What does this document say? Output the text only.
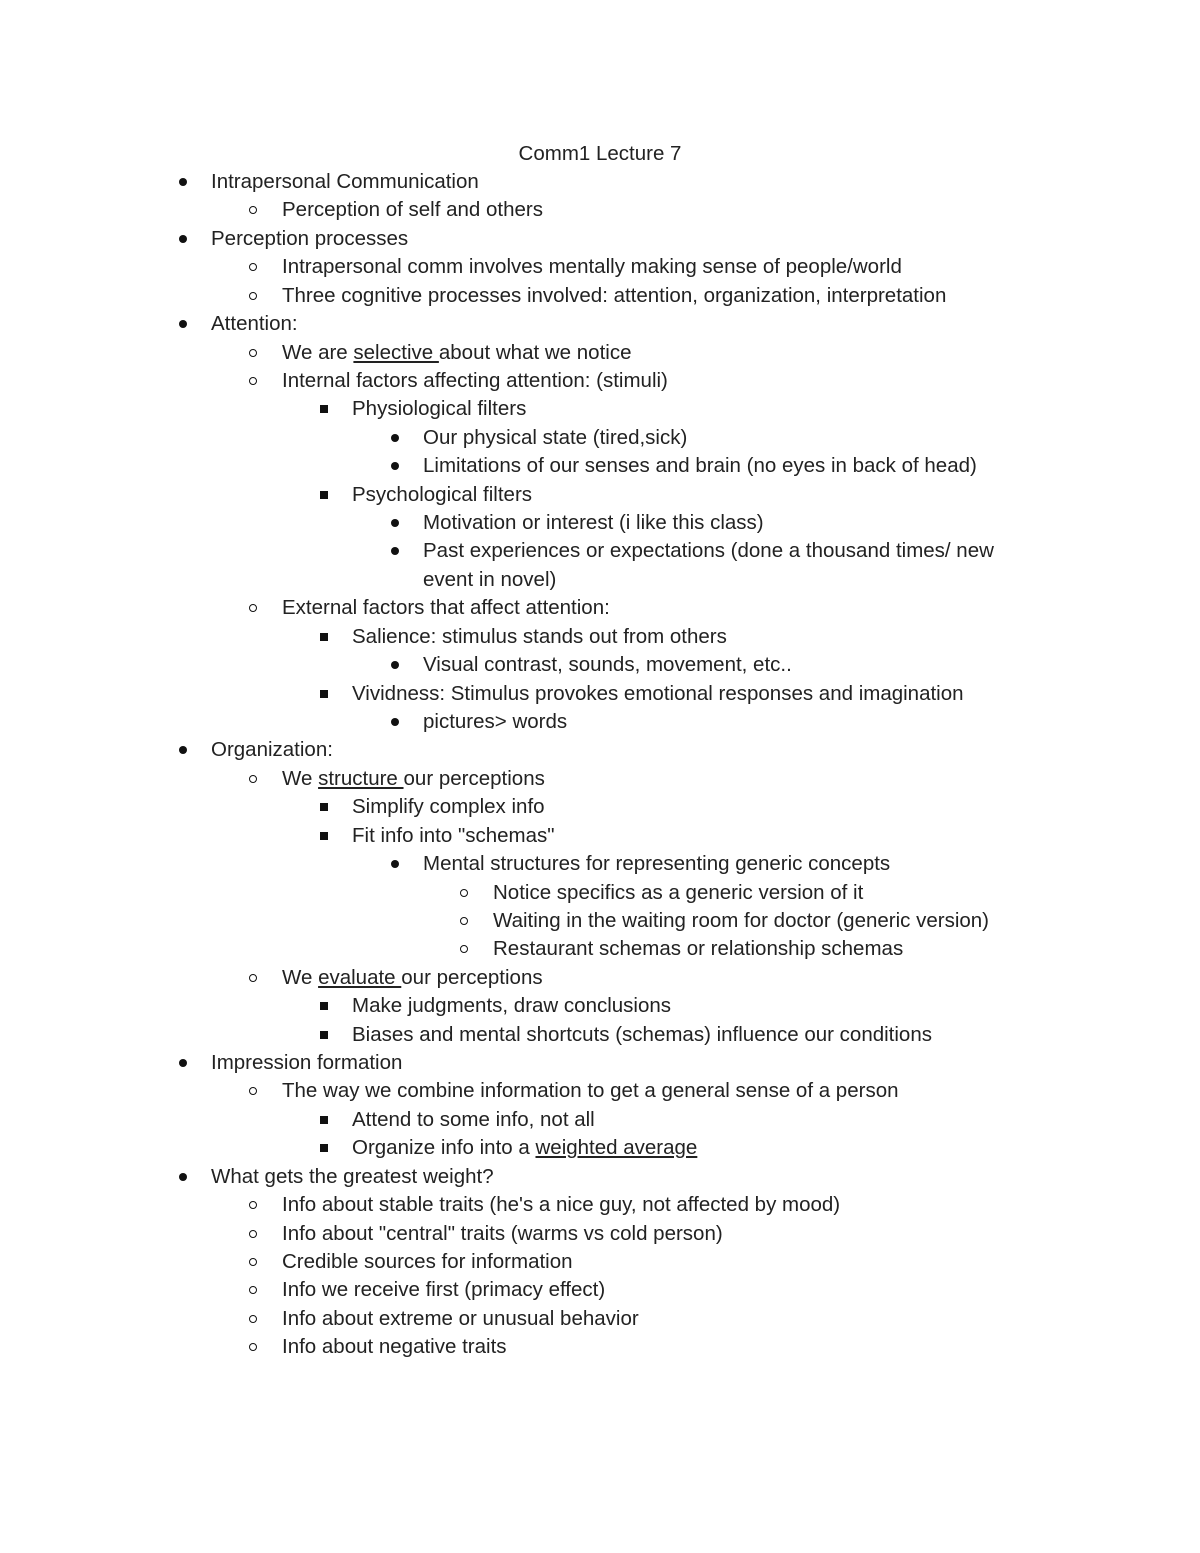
Comm1 Lecture 7
Intrapersonal Communication
Perception of self and others
Perception processes
Intrapersonal comm involves mentally making sense of people/world
Three cognitive processes involved: attention, organization, interpretation
Attention:
We are selective about what we notice
Internal factors affecting attention: (stimuli)
Physiological filters
Our physical state (tired,sick)
Limitations of our senses and brain (no eyes in back of head)
Psychological filters
Motivation or interest (i like this class)
Past experiences or expectations (done a thousand times/ new
event in novel)
External factors that affect attention:
Salience: stimulus stands out from others
Visual contrast, sounds, movement, etc..
Vividness: Stimulus provokes emotional responses and imagination
pictures> words
Organization:
We structure our perceptions
Simplify complex info
Fit info into "schemas"
Mental structures for representing generic concepts
Notice specifics as a generic version of it
Waiting in the waiting room for doctor (generic version)
Restaurant schemas or relationship schemas
We evaluate our perceptions
Make judgments, draw conclusions
Biases and mental shortcuts (schemas) influence our conditions
Impression formation
The way we combine information to get a general sense of a person
Attend to some info, not all
Organize info into a weighted average
What gets the greatest weight?
Info about stable traits (he's a nice guy, not affected by mood)
Info about "central" traits (warms vs cold person)
Credible sources for information
Info we receive first (primacy effect)
Info about extreme or unusual behavior
Info about negative traits
